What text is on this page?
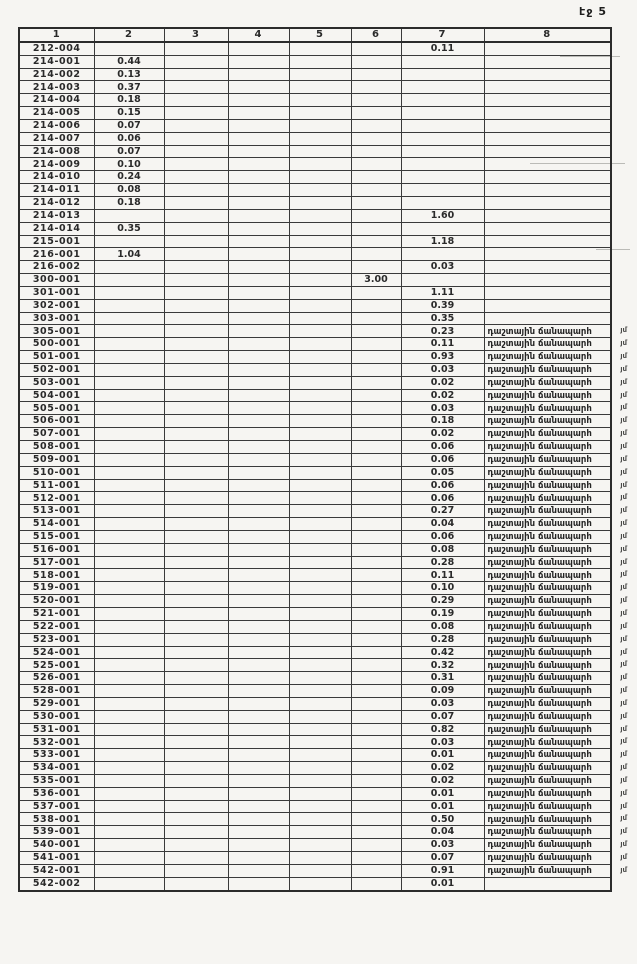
էջ 5
1	2	3	4	5	6	7	8
212-004						0.11	
214-001	0.44						
214-002	0.13						
214-003	0.37						
214-004	0.18						
214-005	0.15						
214-006	0.07						
214-007	0.06						
214-008	0.07						
214-009	0.10						
214-010	0.24						
214-011	0.08						
214-012	0.18						
214-013						1.60	
214-014	0.35						
215-001						1.18	
216-001	1.04						
216-002						0.03	
300-001					3.00		
301-001						1.11	
302-001						0.39	
303-001						0.35	
305-001						0.23	դաշտային ճանապարհ յմ

500-001						0.11	դաշտային ճանապարհ յմ

501-001						0.93	դաշտային ճանապարհ յմ

502-001						0.03	դաշտային ճանապարհ յմ

503-001						0.02	դաշտային ճանապարհ յմ

504-001						0.02	դաշտային ճանապարհ յմ

505-001						0.03	դաշտային ճանապարհ յմ

506-001						0.18	դաշտային ճանապարհ յմ

507-001						0.02	դաշտային ճանապարհ յմ

508-001						0.06	դաշտային ճանապարհ յմ

509-001						0.06	դաշտային ճանապարհ յմ

510-001						0.05	դաշտային ճանապարհ յմ

511-001						0.06	դաշտային ճանապարհ յմ

512-001						0.06	դաշտային ճանապարհ յմ

513-001						0.27	դաշտային ճանապարհ յմ

514-001						0.04	դաշտային ճանապարհ յմ

515-001						0.06	դաշտային ճանապարհ յմ

516-001						0.08	դաշտային ճանապարհ յմ

517-001						0.28	դաշտային ճանապարհ յմ

518-001						0.11	դաշտային ճանապարհ յմ

519-001						0.10	դաշտային ճանապարհ յմ

520-001						0.29	դաշտային ճանապարհ յմ

521-001						0.19	դաշտային ճանապարհ յմ

522-001						0.08	դաշտային ճանապարհ յմ

523-001						0.28	դաշտային ճանապարհ յմ

524-001						0.42	դաշտային ճանապարհ յմ

525-001						0.32	դաշտային ճանապարհ յմ

526-001						0.31	դաշտային ճանապարհ յմ

528-001						0.09	դաշտային ճանապարհ յմ

529-001						0.03	դաշտային ճանապարհ յմ

530-001						0.07	դաշտային ճանապարհ յմ

531-001						0.82	դաշտային ճանապարհ յմ

532-001						0.03	դաշտային ճանապարհ յմ

533-001						0.01	դաշտային ճանապարհ յմ

534-001						0.02	դաշտային ճանապարհ յմ

535-001						0.02	դաշտային ճանապարհ յմ

536-001						0.01	դաշտային ճանապարհ յմ

537-001						0.01	դաշտային ճանապարհ յմ

538-001						0.50	դաշտային ճանապարհ յմ

539-001						0.04	դաշտային ճանապարհ յմ

540-001						0.03	դաշտային ճանապարհ յմ

541-001						0.07	դաշտային ճանապարհ յմ

542-001						0.91	դաշտային ճանապարհ յմ

542-002						0.01	
